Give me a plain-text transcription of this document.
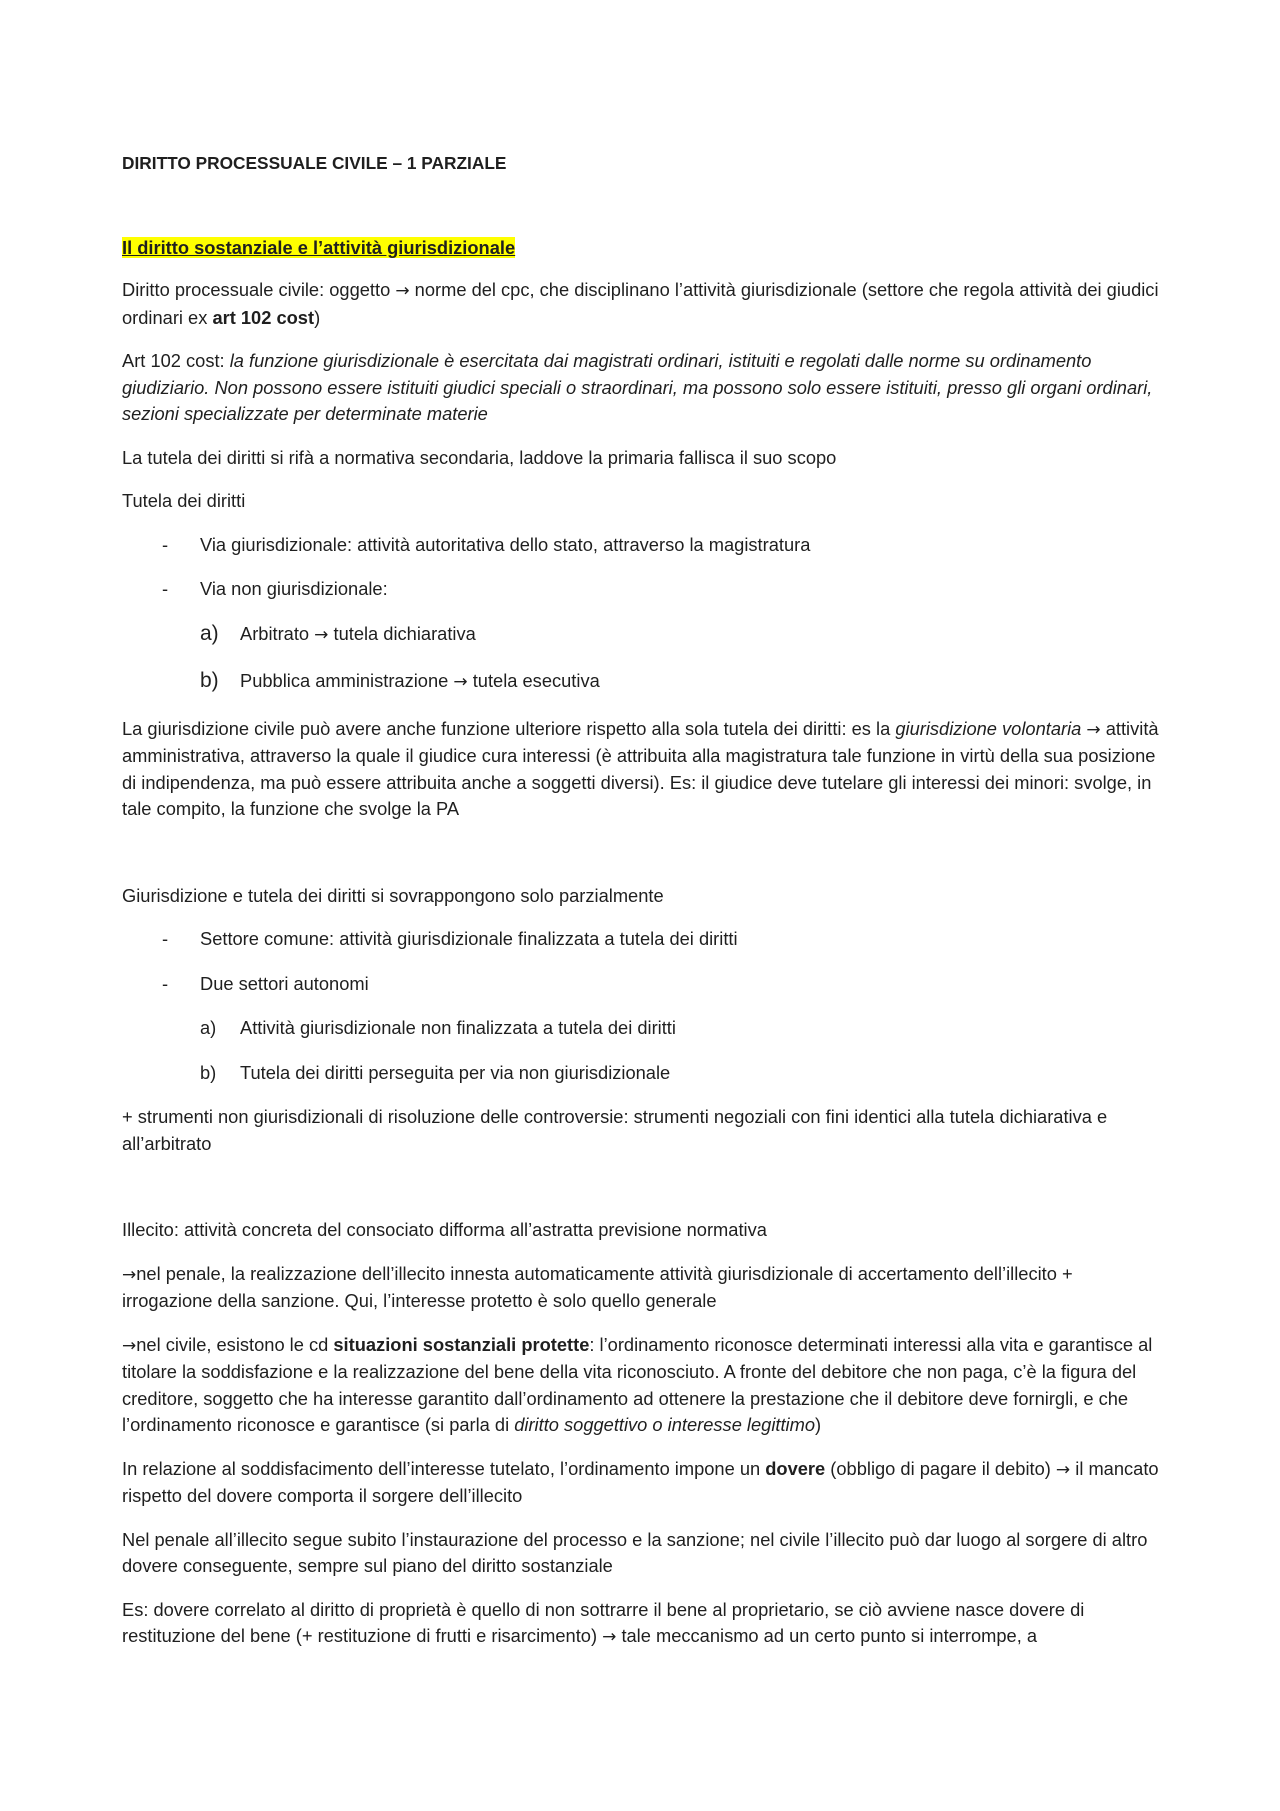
DIRITTO PROCESSUALE CIVILE – 1 PARZIALE

Il diritto sostanziale e l’attività giurisdizionale

Diritto processuale civile: oggetto → norme del cpc, che disciplinano l’attività giurisdizionale (settore che regola attività dei giudici ordinari ex art 102 cost)

Art 102 cost: la funzione giurisdizionale è esercitata dai magistrati ordinari, istituiti e regolati dalle norme su ordinamento giudiziario. Non possono essere istituiti giudici speciali o straordinari, ma possono solo essere istituiti, presso gli organi ordinari, sezioni specializzate per determinate materie

La tutela dei diritti si rifà a normativa secondaria, laddove la primaria fallisca il suo scopo

Tutela dei diritti

- Via giurisdizionale: attività autoritativa dello stato, attraverso la magistratura
- Via non giurisdizionale:
a) Arbitrato → tutela dichiarativa
b) Pubblica amministrazione → tutela esecutiva

La giurisdizione civile può avere anche funzione ulteriore rispetto alla sola tutela dei diritti: es la giurisdizione volontaria → attività amministrativa, attraverso la quale il giudice cura interessi (è attribuita alla magistratura tale funzione in virtù della sua posizione di indipendenza, ma può essere attribuita anche a soggetti diversi). Es: il giudice deve tutelare gli interessi dei minori: svolge, in tale compito, la funzione che svolge la PA

Giurisdizione e tutela dei diritti si sovrappongono solo parzialmente

- Settore comune: attività giurisdizionale finalizzata a tutela dei diritti
- Due settori autonomi
a) Attività giurisdizionale non finalizzata a tutela dei diritti
b) Tutela dei diritti perseguita per via non giurisdizionale

+ strumenti non giurisdizionali di risoluzione delle controversie: strumenti negoziali con fini identici alla tutela dichiarativa e all’arbitrato

Illecito: attività concreta del consociato difforma all’astratta previsione normativa

→nel penale, la realizzazione dell’illecito innesta automaticamente attività giurisdizionale di accertamento dell’illecito + irrogazione della sanzione. Qui, l’interesse protetto è solo quello generale

→nel civile, esistono le cd situazioni sostanziali protette: l’ordinamento riconosce determinati interessi alla vita e garantisce al titolare la soddisfazione e la realizzazione del bene della vita riconosciuto. A fronte del debitore che non paga, c’è la figura del creditore, soggetto che ha interesse garantito dall’ordinamento ad ottenere la prestazione che il debitore deve fornirgli, e che l’ordinamento riconosce e garantisce (si parla di diritto soggettivo o interesse legittimo)

In relazione al soddisfacimento dell’interesse tutelato, l’ordinamento impone un dovere (obbligo di pagare il debito) → il mancato rispetto del dovere comporta il sorgere dell’illecito

Nel penale all’illecito segue subito l’instaurazione del processo e la sanzione; nel civile l’illecito può dar luogo al sorgere di altro dovere conseguente, sempre sul piano del diritto sostanziale

Es: dovere correlato al diritto di proprietà è quello di non sottrarre il bene al proprietario, se ciò avviene nasce dovere di restituzione del bene (+ restituzione di frutti e risarcimento) → tale meccanismo ad un certo punto si interrompe, a
